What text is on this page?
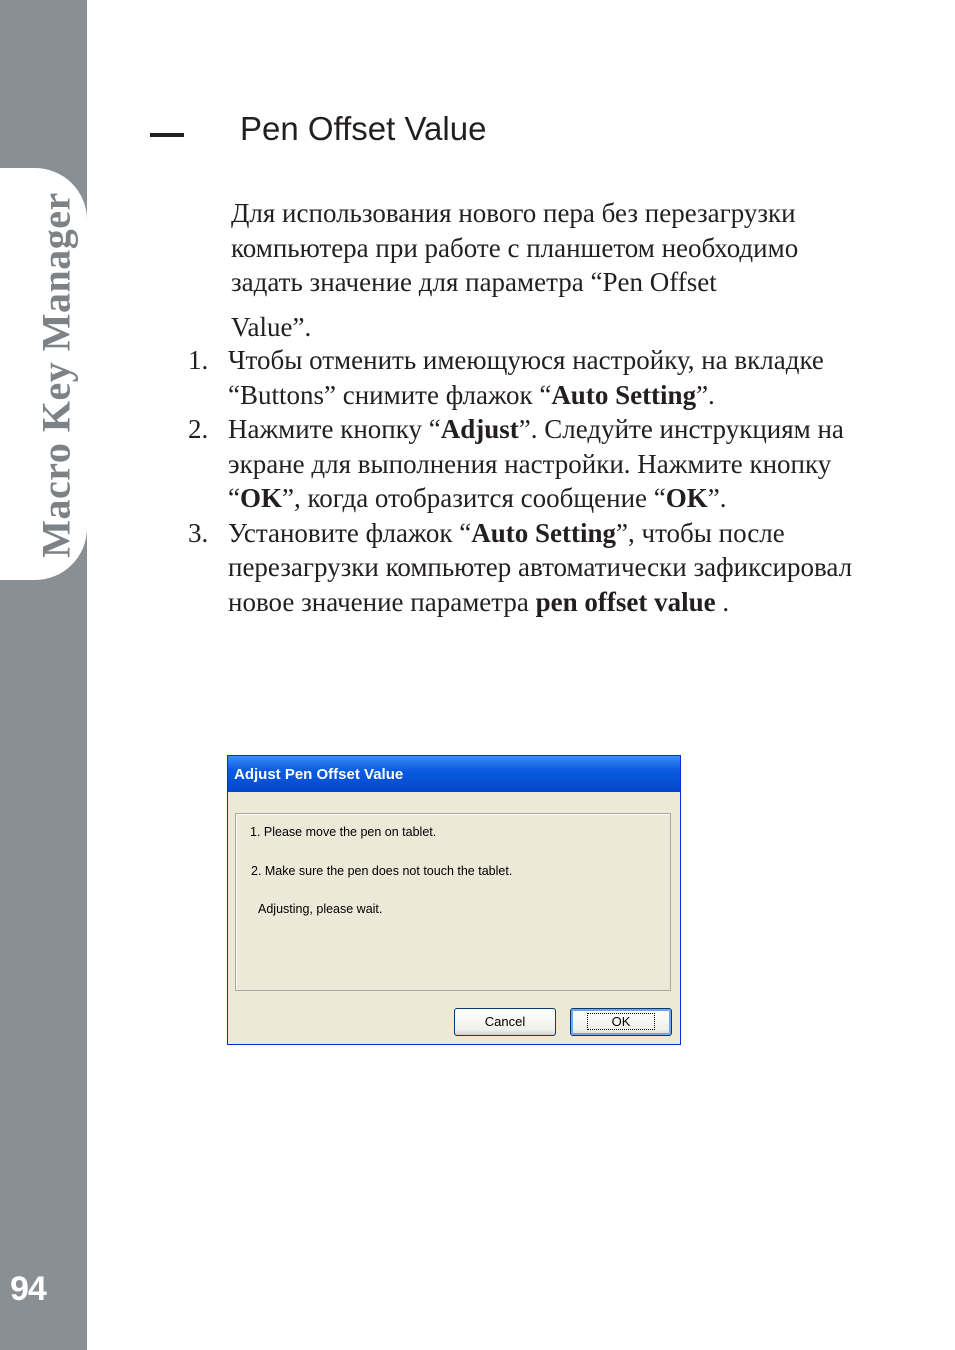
Macro Key Manager
94
Pen Offset Value
Для использования нового пера без перезагрузки компьютера при работе с планшетом необходимо задать значение для параметра “Pen Offset
Value”.
1. Чтобы отменить имеющуюся настройку, на вкладке “Buttons” снимите флажок “Auto Setting”.
2. Нажмите кнопку “Adjust”. Следуйте инструкциям на экране для выполнения настройки. Нажмите кнопку “OK”, когда отобразится сообщение “OK”.
3. Установите флажок “Auto Setting”, чтобы после перезагрузки компьютер автоматически зафиксировал новое значение параметра pen offset value .
Adjust Pen Offset Value
1. Please move the pen on tablet.
2. Make sure the pen does not touch the tablet.
Adjusting, please wait.
Cancel	OK
